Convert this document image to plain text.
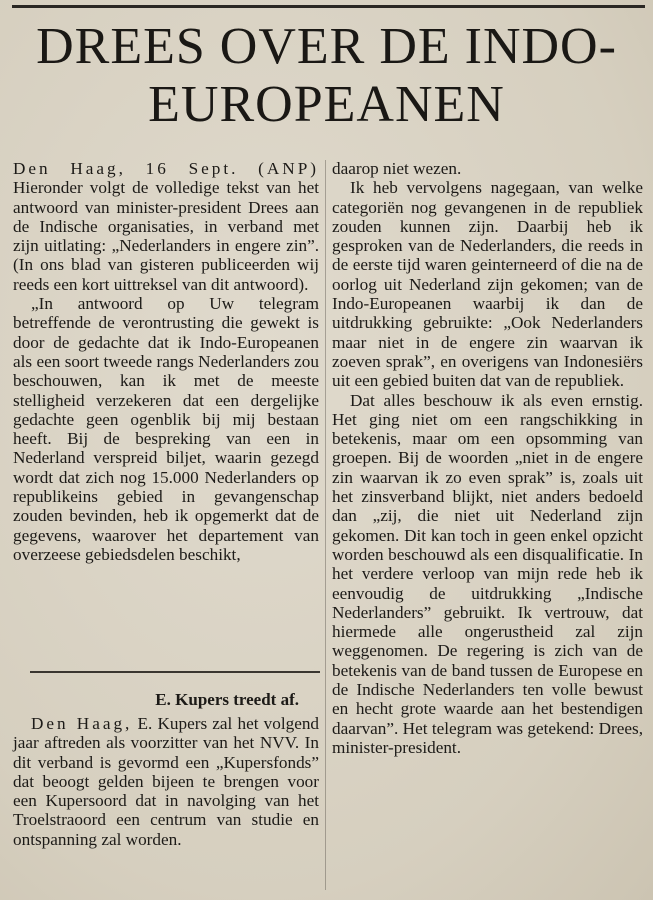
DREES OVER DE INDO-
EUROPEANEN

Den Haag, 16 Sept. (ANP) Hieronder volgt de volledige tekst van het antwoord van minister-president Drees aan de Indische organisaties, in verband met zijn uitlating: „Nederlanders in engere zin”. (In ons blad van gisteren publiceerden wij reeds een kort uittreksel van dit antwoord).

„In antwoord op Uw telegram betreffende de verontrusting die gewekt is door de gedachte dat ik Indo-Europeanen als een soort tweede rangs Nederlanders zou beschouwen, kan ik met de meeste stelligheid verzekeren dat een dergelijke gedachte geen ogenblik bij mij bestaan heeft. Bij de bespreking van een in Nederland verspreid biljet, waarin gezegd wordt dat zich nog 15.000 Nederlanders op republikeins gebied in gevangenschap zouden bevinden, heb ik opgemerkt dat de gegevens, waarover het departement van overzeese gebiedsdelen beschikt,

E. Kupers treedt af.

Den Haag, E. Kupers zal het volgend jaar aftreden als voorzitter van het NVV. In dit verband is gevormd een „Kupersfonds” dat beoogt gelden bijeen te brengen voor een Kupersoord dat in navolging van het Troelstraoord een centrum van studie en ontspanning zal worden.

daarop niet wezen.

Ik heb vervolgens nagegaan, van welke categoriën nog gevangenen in de republiek zouden kunnen zijn. Daarbij heb ik gesproken van de Nederlanders, die reeds in de eerste tijd waren geinterneerd of die na de oorlog uit Nederland zijn gekomen; van de Indo-Europeanen waarbij ik dan de uitdrukking gebruikte: „Ook Nederlanders maar niet in de engere zin waarvan ik zoeven sprak”, en overigens van Indonesiërs uit een gebied buiten dat van de republiek.

Dat alles beschouw ik als even ernstig. Het ging niet om een rangschikking in betekenis, maar om een opsomming van groepen. Bij de woorden „niet in de engere zin waarvan ik zo even sprak” is, zoals uit het zinsverband blijkt, niet anders bedoeld dan „zij, die niet uit Nederland zijn gekomen. Dit kan toch in geen enkel opzicht worden beschouwd als een disqualificatie. In het verdere verloop van mijn rede heb ik eenvoudig de uitdrukking „Indische Nederlanders” gebruikt. Ik vertrouw, dat hiermede alle ongerustheid zal zijn weggenomen. De regering is zich van de betekenis van de band tussen de Europese en de Indische Nederlanders ten volle bewust en hecht grote waarde aan het bestendigen daarvan”. Het telegram was getekend: Drees, minister-president.
